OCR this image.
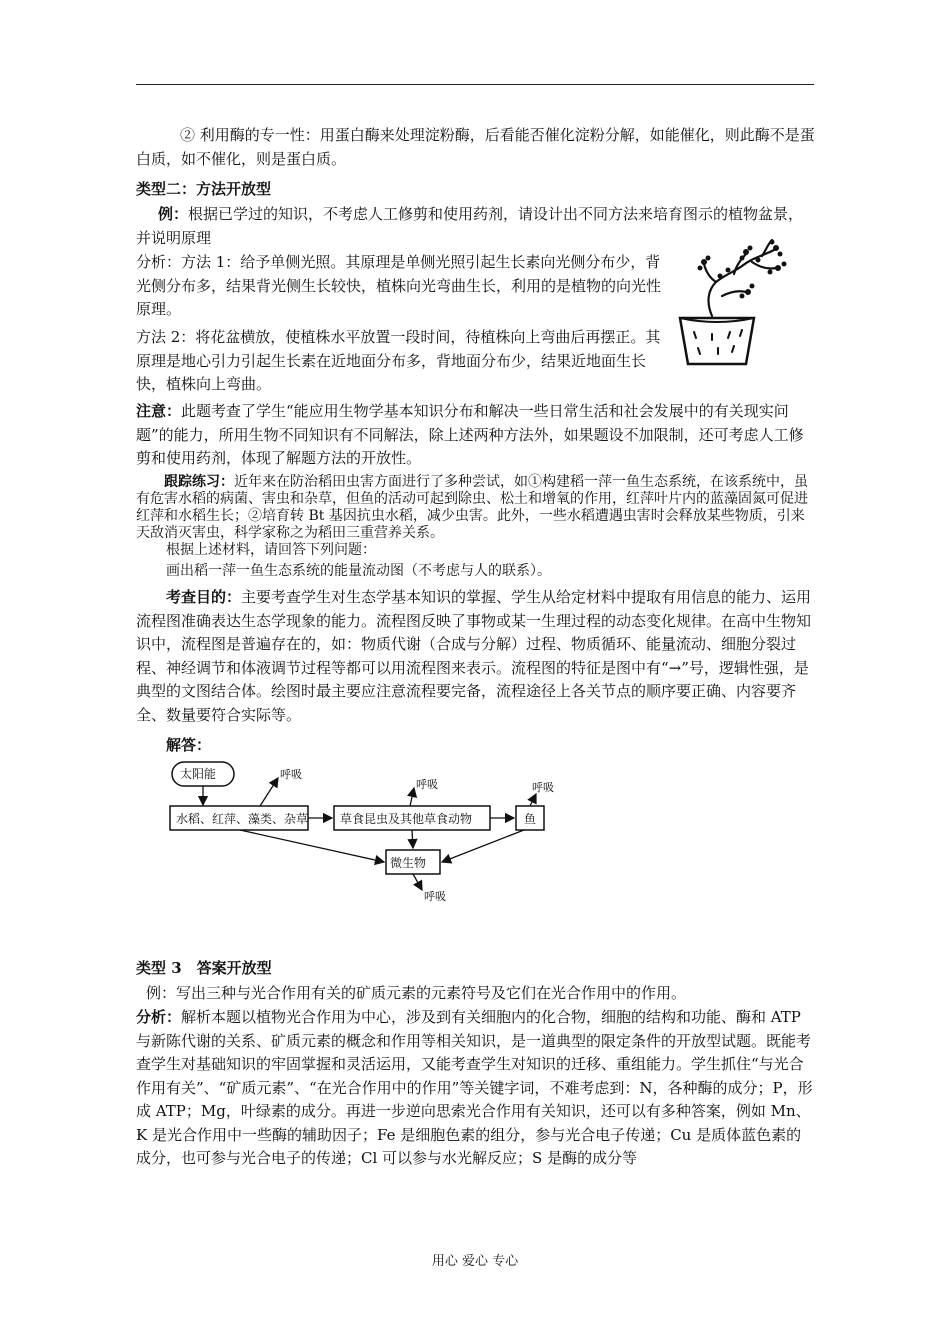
② 利用酶的专一性：用蛋白酶来处理淀粉酶，后看能否催化淀粉分解，如能催化，则此酶不是蛋白质，如不催化，则是蛋白质。

类型二：方法开放型

例：根据已学过的知识，不考虑人工修剪和使用药剂，请设计出不同方法来培育图示的植物盆景，并说明原理

分析：方法 1：给予单侧光照。其原理是单侧光照引起生长素向光侧分布少，背光侧分布多，结果背光侧生长较快，植株向光弯曲生长，利用的是植物的向光性原理。

方法 2：将花盆横放，使植株水平放置一段时间，待植株向上弯曲后再摆正。其原理是地心引力引起生长素在近地面分布多，背地面分布少，结果近地面生长快，植株向上弯曲。

注意：此题考查了学生“能应用生物学基本知识分布和解决一些日常生活和社会发展中的有关现实问题”的能力，所用生物不同知识有不同解法，除上述两种方法外，如果题设不加限制，还可考虑人工修剪和使用药剂，体现了解题方法的开放性。

跟踪练习：近年来在防治稻田虫害方面进行了多种尝试，如①构建稻一萍一鱼生态系统，在该系统中，虽有危害水稻的病菌、害虫和杂草，但鱼的活动可起到除虫、松土和增氧的作用，红萍叶片内的蓝藻固氮可促进红萍和水稻生长；②培育转 Bt 基因抗虫水稻，减少虫害。此外，一些水稻遭遇虫害时会释放某些物质，引来天敌消灭害虫，科学家称之为稻田三重营养关系。

根据上述材料，请回答下列问题：

画出稻一萍一鱼生态系统的能量流动图（不考虑与人的联系）。

考查目的：主要考查学生对生态学基本知识的掌握、学生从给定材料中提取有用信息的能力、运用流程图准确表达生态学现象的能力。流程图反映了事物或某一生理过程的动态变化规律。在高中生物知识中，流程图是普遍存在的，如：物质代谢（合成与分解）过程、物质循环、能量流动、细胞分裂过程、神经调节和体液调节过程等都可以用流程图来表示。流程图的特征是图中有“→”号，逻辑性强，是典型的文图结合体。绘图时最主要应注意流程要完备，流程途径上各关节点的顺序要正确、内容要齐全、数量要符合实际等。

解答：

太阳能
水稻、红萍、藻类、杂草	草食昆虫及其他草食动物	鱼
微生物
呼吸
呼吸	呼吸
呼吸

类型 3　答案开放型

例：写出三种与光合作用有关的矿质元素的元素符号及它们在光合作用中的作用。

分析：解析本题以植物光合作用为中心，涉及到有关细胞内的化合物，细胞的结构和功能、酶和 ATP 与新陈代谢的关系、矿质元素的概念和作用等相关知识，是一道典型的限定条件的开放型试题。既能考查学生对基础知识的牢固掌握和灵活运用，又能考查学生对知识的迁移、重组能力。学生抓住“与光合作用有关”、“矿质元素”、“在光合作用中的作用”等关键字词，不难考虑到：N，各种酶的成分；P，形成 ATP；Mg，叶绿素的成分。再进一步逆向思索光合作用有关知识，还可以有多种答案，例如 Mn、K 是光合作用中一些酶的辅助因子；Fe 是细胞色素的组分，参与光合电子传递；Cu 是质体蓝色素的成分，也可参与光合电子的传递；Cl 可以参与水光解反应；S 是酶的成分等

用心 爱心 专心
